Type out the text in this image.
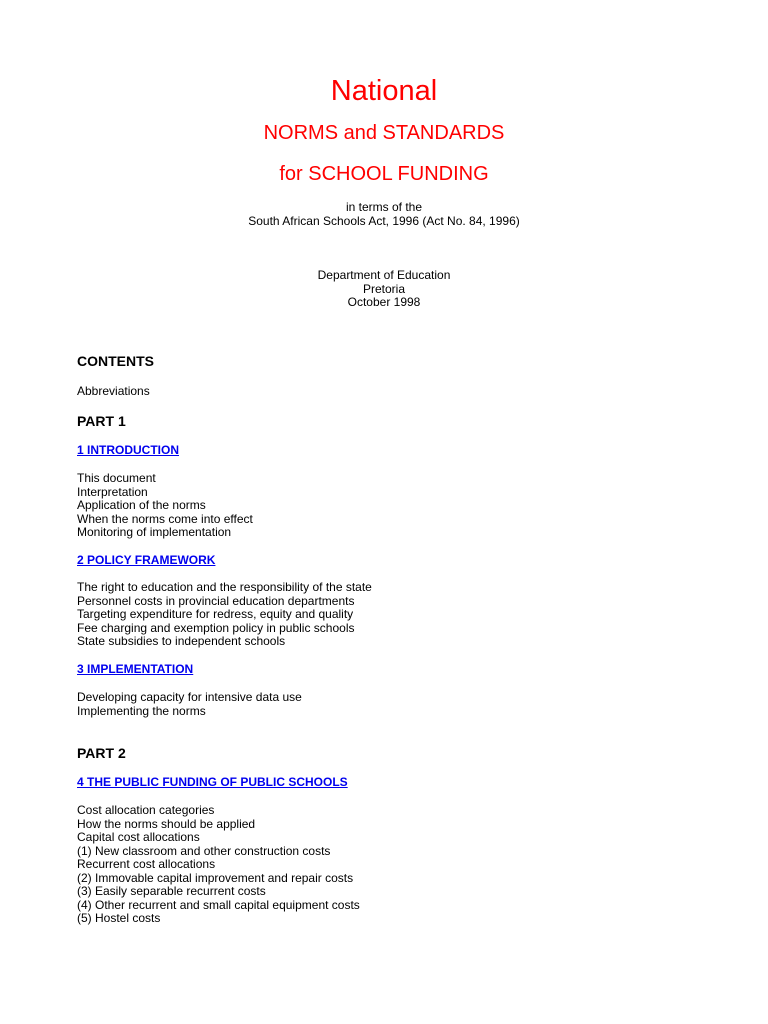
National
NORMS and STANDARDS
for SCHOOL FUNDING
in terms of the
South African Schools Act, 1996 (Act No. 84, 1996)
Department of Education
Pretoria
October 1998
CONTENTS
Abbreviations
PART 1
1 INTRODUCTION
This document
Interpretation
Application of the norms
When the norms come into effect
Monitoring of implementation
2 POLICY FRAMEWORK
The right to education and the responsibility of the state
Personnel costs in provincial education departments
Targeting expenditure for redress, equity and quality
Fee charging and exemption policy in public schools
State subsidies to independent schools
3 IMPLEMENTATION
Developing capacity for intensive data use
Implementing the norms
PART 2
4 THE PUBLIC FUNDING OF PUBLIC SCHOOLS
Cost allocation categories
How the norms should be applied
Capital cost allocations
(1) New classroom and other construction costs
Recurrent cost allocations
(2) Immovable capital improvement and repair costs
(3) Easily separable recurrent costs
(4) Other recurrent and small capital equipment costs
(5) Hostel costs
